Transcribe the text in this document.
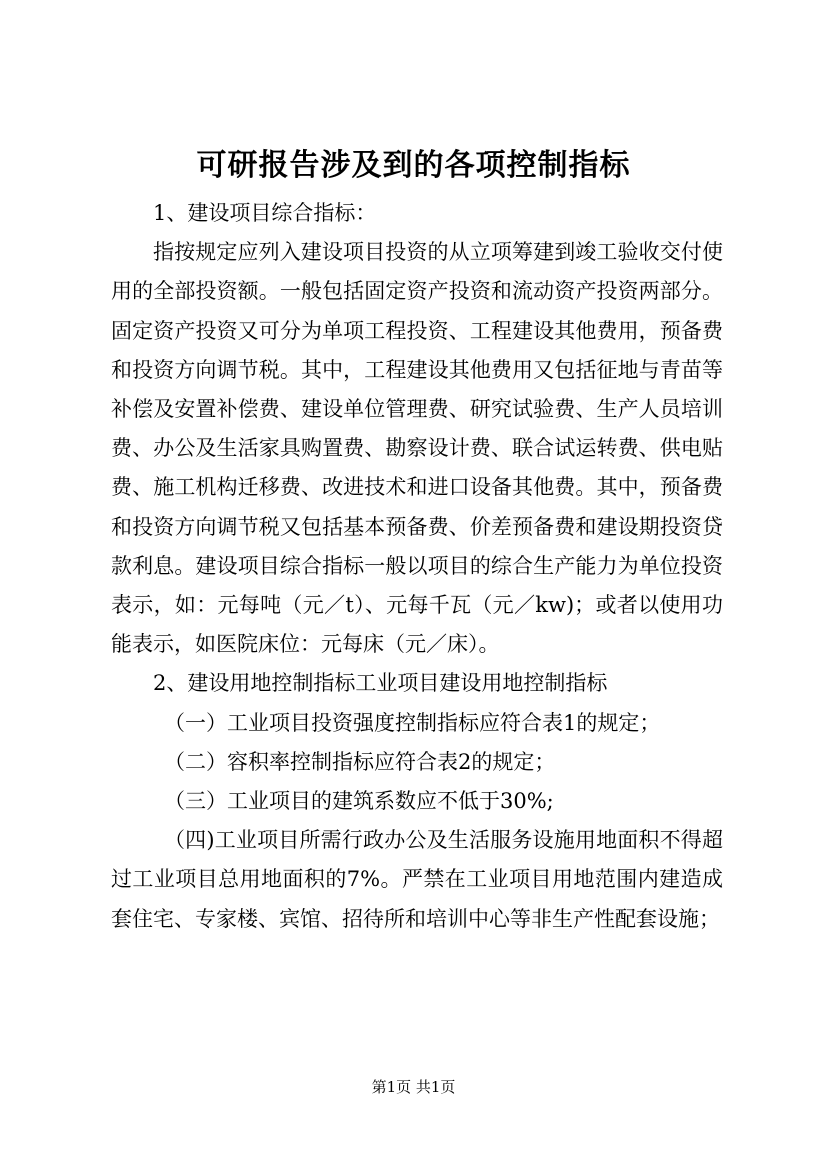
可研报告涉及到的各项控制指标

1、建设项目综合指标：

指按规定应列入建设项目投资的从立项筹建到竣工验收交付使用的全部投资额。一般包括固定资产投资和流动资产投资两部分。固定资产投资又可分为单项工程投资、工程建设其他费用，预备费和投资方向调节税。其中，工程建设其他费用又包括征地与青苗等补偿及安置补偿费、建设单位管理费、研究试验费、生产人员培训费、办公及生活家具购置费、勘察设计费、联合试运转费、供电贴费、施工机构迁移费、改进技术和进口设备其他费。其中，预备费和投资方向调节税又包括基本预备费、价差预备费和建设期投资贷款利息。建设项目综合指标一般以项目的综合生产能力为单位投资表示，如：元每吨（元／t）、元每千瓦（元／kw)；或者以使用功能表示，如医院床位：元每床（元／床）。

2、建设用地控制指标工业项目建设用地控制指标

（一）工业项目投资强度控制指标应符合表1的规定；

（二）容积率控制指标应符合表2的规定；

（三）工业项目的建筑系数应不低于30%;

（四)工业项目所需行政办公及生活服务设施用地面积不得超过工业项目总用地面积的7%。严禁在工业项目用地范围内建造成套住宅、专家楼、宾馆、招待所和培训中心等非生产性配套设施；

第1页 共1页
